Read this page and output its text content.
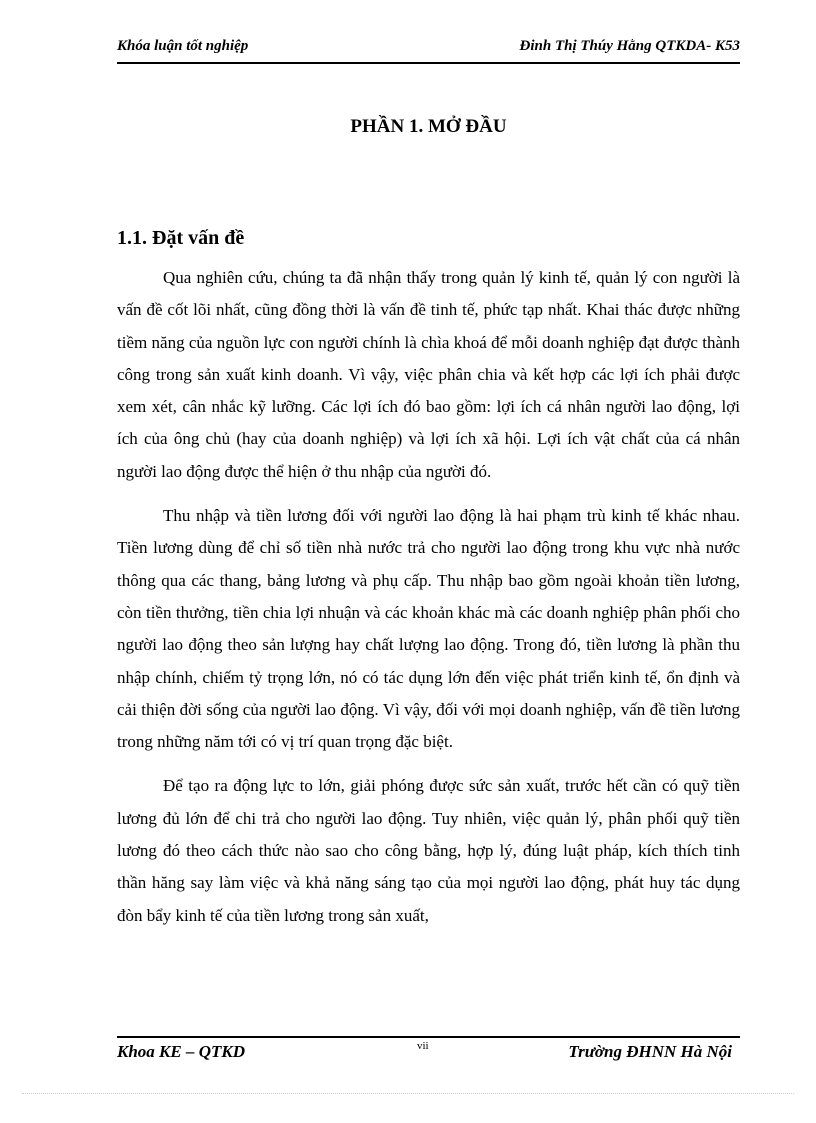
Khóa luận tốt nghiệp	Đinh Thị Thúy Hằng QTKDA- K53
PHẦN 1. MỞ ĐẦU
1.1. Đặt vấn đề

Qua nghiên cứu, chúng ta đã nhận thấy trong quản lý kinh tế, quản lý con người là vấn đề cốt lõi nhất, cũng đồng thời là vấn đề tinh tế, phức tạp nhất. Khai thác được những tiềm năng của nguồn lực con người chính là chìa khoá để mỗi doanh nghiệp đạt được thành công trong sản xuất kinh doanh. Vì vậy, việc phân chia và kết hợp các lợi ích phải được xem xét, cân nhắc kỹ lưỡng. Các lợi ích đó bao gồm: lợi ích cá nhân người lao động, lợi ích của ông chủ (hay của doanh nghiệp) và lợi ích xã hội. Lợi ích vật chất của cá nhân người lao động được thể hiện ở thu nhập của người đó.

Thu nhập và tiền lương đối với người lao động là hai phạm trù kinh tế khác nhau. Tiền lương dùng để chỉ số tiền nhà nước trả cho người lao động trong khu vực nhà nước thông qua các thang, bảng lương và phụ cấp. Thu nhập bao gồm ngoài khoản tiền lương, còn tiền thưởng, tiền chia lợi nhuận và các khoản khác mà các doanh nghiệp phân phối cho người lao động theo sản lượng hay chất lượng lao động. Trong đó, tiền lương là phần thu nhập chính, chiếm tỷ trọng lớn, nó có tác dụng lớn đến việc phát triển kinh tế, ổn định và cải thiện đời sống của người lao động. Vì vậy, đối với mọi doanh nghiệp, vấn đề tiền lương trong những năm tới có vị trí quan trọng đặc biệt.

Để tạo ra động lực to lớn, giải phóng được sức sản xuất, trước hết cần có quỹ tiền lương đủ lớn để chi trả cho người lao động. Tuy nhiên, việc quản lý, phân phối quỹ tiền lương đó theo cách thức nào sao cho công bằng, hợp lý, đúng luật pháp, kích thích tinh thần hăng say làm việc và khả năng sáng tạo của mọi người lao động, phát huy tác dụng đòn bẩy kinh tế của tiền lương trong sản xuất,

Khoa KE – QTKD	vii	Trường ĐHNN Hà Nội
